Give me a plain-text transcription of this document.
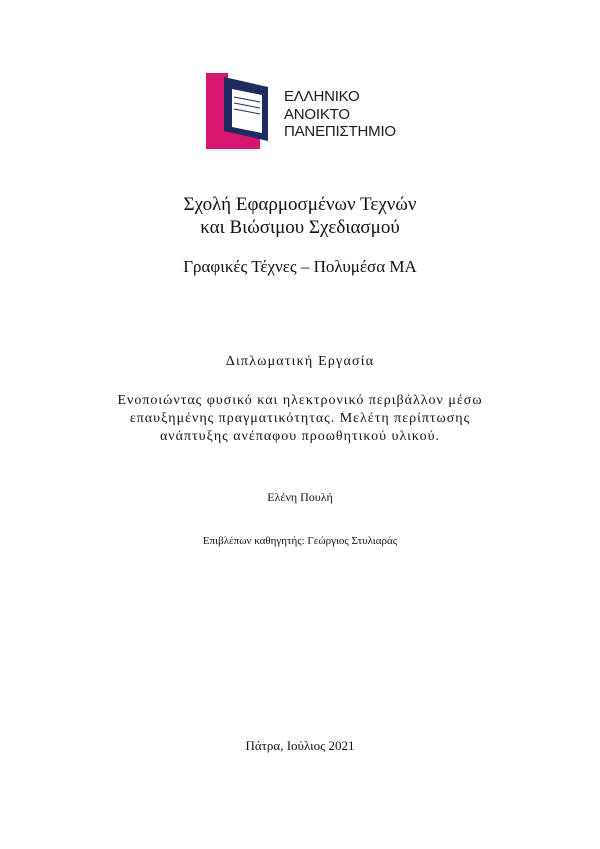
ΕΛΛΗΝΙΚΟ
ΑΝΟΙΚΤΟ
ΠΑΝΕΠΙΣΤΗΜΙΟ
Σχολή Εφαρμοσμένων Τεχνών
και Βιώσιμου Σχεδιασμού
Γραφικές Τέχνες – Πολυμέσα ΜΑ
Διπλωματική Εργασία
Ενοποιώντας φυσικό και ηλεκτρονικό περιβάλλον μέσω
επαυξημένης πραγματικότητας. Μελέτη περίπτωσης
ανάπτυξης ανέπαφου προωθητικού υλικού.
Ελένη Πουλή
Επιβλέπων καθηγητής: Γεώργιος Στυλιαράς
Πάτρα, Ιούλιος 2021
